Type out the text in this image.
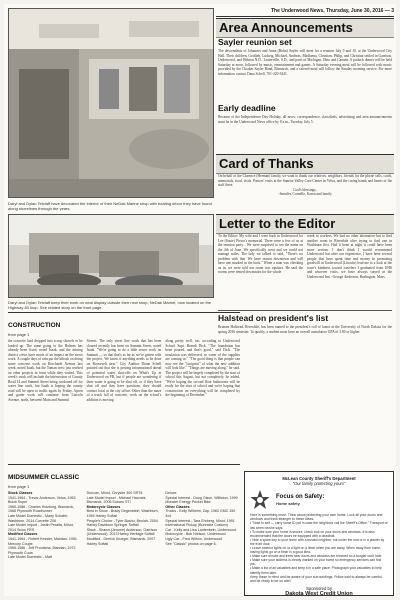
Daryl and Dylan Tetzlaff have decorated the interior of their NeDak Marine shop with boating décor they have found along shorelines through the years.
Daryl and Dylan Tetzlaff keep their work on neat display outside their new shop, NeDak Marine, now located on the Highway 83 loop. See related story on the front page.
The Underwood News, Thursday, June 30, 2016 — 3
Area Announcements
Sayler reunion set
The descendants of Johannes and Anna (Bohn) Sayler will meet for a reunion July 9 and 10, at the Underwood City Hall. Their children, Gottlieb, Ludwig, Michael, Andreas, Madlaena, Christian, Philip, and Christina settled in Garrison, Underwood, and Hebron N.D., Leaterville, S.D., and parts of Michigan, Ohio and Canada. A potluck dinner will be held Saturday at noon, followed by music, entertainment and games. A Saturday evening meal will be followed with music provided by the Cloaker Sayler Band, Bismarck, and a catered meal will follow the Sunday morning service. For more information contact Dana Schell, 701-220-5441.
Early deadline
Because of the Independence Day Holiday, all news, correspondence, classifieds, advertising and area announcements must be in the Underwood News office by 8 a.m., Tuesday, July 5.
Card of Thanks
On behalf of the Clarence (Herman) family, we want to thank our relatives, neighbors, friends for the phone calls, cards, memorials, food, visits. Pastors' visits at the Sunrise Valley Care Center in Velva, and the caring hands and hearts of the staff there.
God's blessings,
-Jennifer, Cornelle, Karen and family
Letter to the Editor
To the Editor: My wife and I were back in Underwood for Lee (Susie) Pierce's memorial. There were a few of us at the reunion party... We were surprised to see the name on the 4th of June. We specifically went and we could not manage miles. The lady we talked to said, "There's no problem with that. We have reason downtown and will have one marked in the back." When a man was checking us in, we were told our room was upstairs. He said the rooms were rented downstairs for the whole
week to workers. We had no other alternative but to find another room in Riverdale after trying to find one in Washburn first. Had it been at night it could have been more serious. I don't think I would recommend Underwood but after our experience, I have been several people that have spent time and money in promoting goodwill in Underwood (Lincoln) lead me to a look at the town's kindness toward travelers I graduated from UHS and whoever visits, we have always stayed at the Underwood Inn. -George Anderson, Burlington, Mass.
Halstead on president's list
Brianne Halstead, Riverdale, has been named to the president's roll of honor at the University of North Dakota for the spring 2016 semester. To qualify, a student must have an overall cumulative GPA of 3.80 or higher.
CONSTRUCTION
from page 1
the concrete load dropped into scoop shovels to be loaded up. The same going to the Holmes has already been fixed, noted Isaak, and the mining district crews have much of an impact on the street work. A couple days of rain put the kibosh on doing some concrete work on Borchardt Avenue last week, noted Isaak, but the Toman crew just worked on other projects in town while they waited. This week's work will include the intersection of County Road 14 and Summit Street being cordoned off for water line work, but Isaak is hoping the county road will be open to traffic again by Friday. Apron and gutter work will continue from Lincoln Avenue, north, between Main and Summit
Streets. The only street line work that has been cleared recently has been on Summit Street, noted Isaak. "We're going to do a little sewer work on Summit — so that that's as far as we've gotten with the project. We know if anything needs to be done on Roosevelt next." City Auditor Diane Schell pointed out that she is posting informational ahead of potential water shut-offs on What's Up in Underwood on FB, but if people are wondering if their water is going to be shut off, or if they have shut off and they have questions, they should contact local at the city office. Other than the maze of a truck full of concrete, work on the school's addition is moving
along pretty well, too, according to Underwood School Supt. Brandt Dick. "The foundation has been poured, and that's good," said Dick. "The insulation was delivered, so some of the supplies are coming in." "The good thing is that people can now see the "footprint" of what the new addition will look like." "Things are moving along," he said. The project will be largely completed by the start of school this August, but not completely, he added. "We're hoping the second floor bathrooms will be ready for the start of school and we're hoping that construction on everything will be completed by the beginning of December."
MIDSUMMER CLASSIC
from page 1
Stock Classes
1941-1964 - Trevor Anderson, Velva, 1953 Buick Super
1965-1986 - Charles Holzburg, Bismarck, 1966 Plymouth Roadrunner
Late Model Domestic - Marty Schafer, Washburn, 2014 Corvette Z06
Late Model Import - Justin Peralta, Minot, 2014 Scion FRS
Modified Classes
1941-1964 - Robert Kessler, Mandan, 1951 Mercury Coupe
1965-1986 - Jeff Proutsma, Mandan, 1972 Plymouth Cuda
Late Model Domestic - Matt
Duncan, Minot, Chrysler 300 SRT8
Late Model Import - Michael Hacmeir, Bismarck, 2006 Subaru STI
Motorcycle Classes
Best in Show - Brady Degenstein, Washburn, 1994 Harley Softail
People's Choice - Tyler Bushu, Beulah, 2004 Harley Davidson Springer Softail
Stock - Shawn (Jerome) Anderson, Garrison (Underwood), 2013 Harley Heritage Softail
Modified - Derrick Krueger, Bismarck, 2007 Harley Softail
Deluxe
Special Interest - Doug Olson, Williston, 1999 Monster Energy Pocket Bike
Other Classes
Trucks - Kelly Wilhelm, Zap, 1983 GMC 150 4x4
Special Interest - Tara Ehrberg, Minot, 1991 International Pickup (Bunneke Custom)
Car - Kelly and Lisa Laufenbein, Underwood
Motorcycle - Bob Nielson, Underwood
Ugly Car - Fred Wilson, Underwood
See "Classic" photos on page 6.
McLean County Sheriff's Department
"Our family protecting yours"
Focus on Safety:
Home safety
Here is something more. Think about protecting your own home. Lock all your doors and windows and think stranger to these ideas.
• "Note to self — carry some ID put in case the neighbors call the Sheriff's Office." Transport of law when he/she says.
• To make sure your home is secure, check lock on your doors and windows. It is also recommended that the doors be equipped with a deadbolt.
• Hide a spare key to your home with a trusted neighbor, not under the mat or in a planter by the front door.
• Leave exterior lights on or a light on a timer when you are away. When away from home, having lights go on a timer is a good idea.
• Make sure shrubs and trees near doors and windows are trimmed so a burglar can't hide.
• Make sure your address is clearly marked on your home so emergency services can find you.
• Make a list of all valuables and keep it in a safe place. Photograph your valuables to help identify them later.
Keep these in mind and be aware of your surroundings. Police said to always be careful, and be ready to be on alert.
Sponsored by
Dakota West Credit Union
